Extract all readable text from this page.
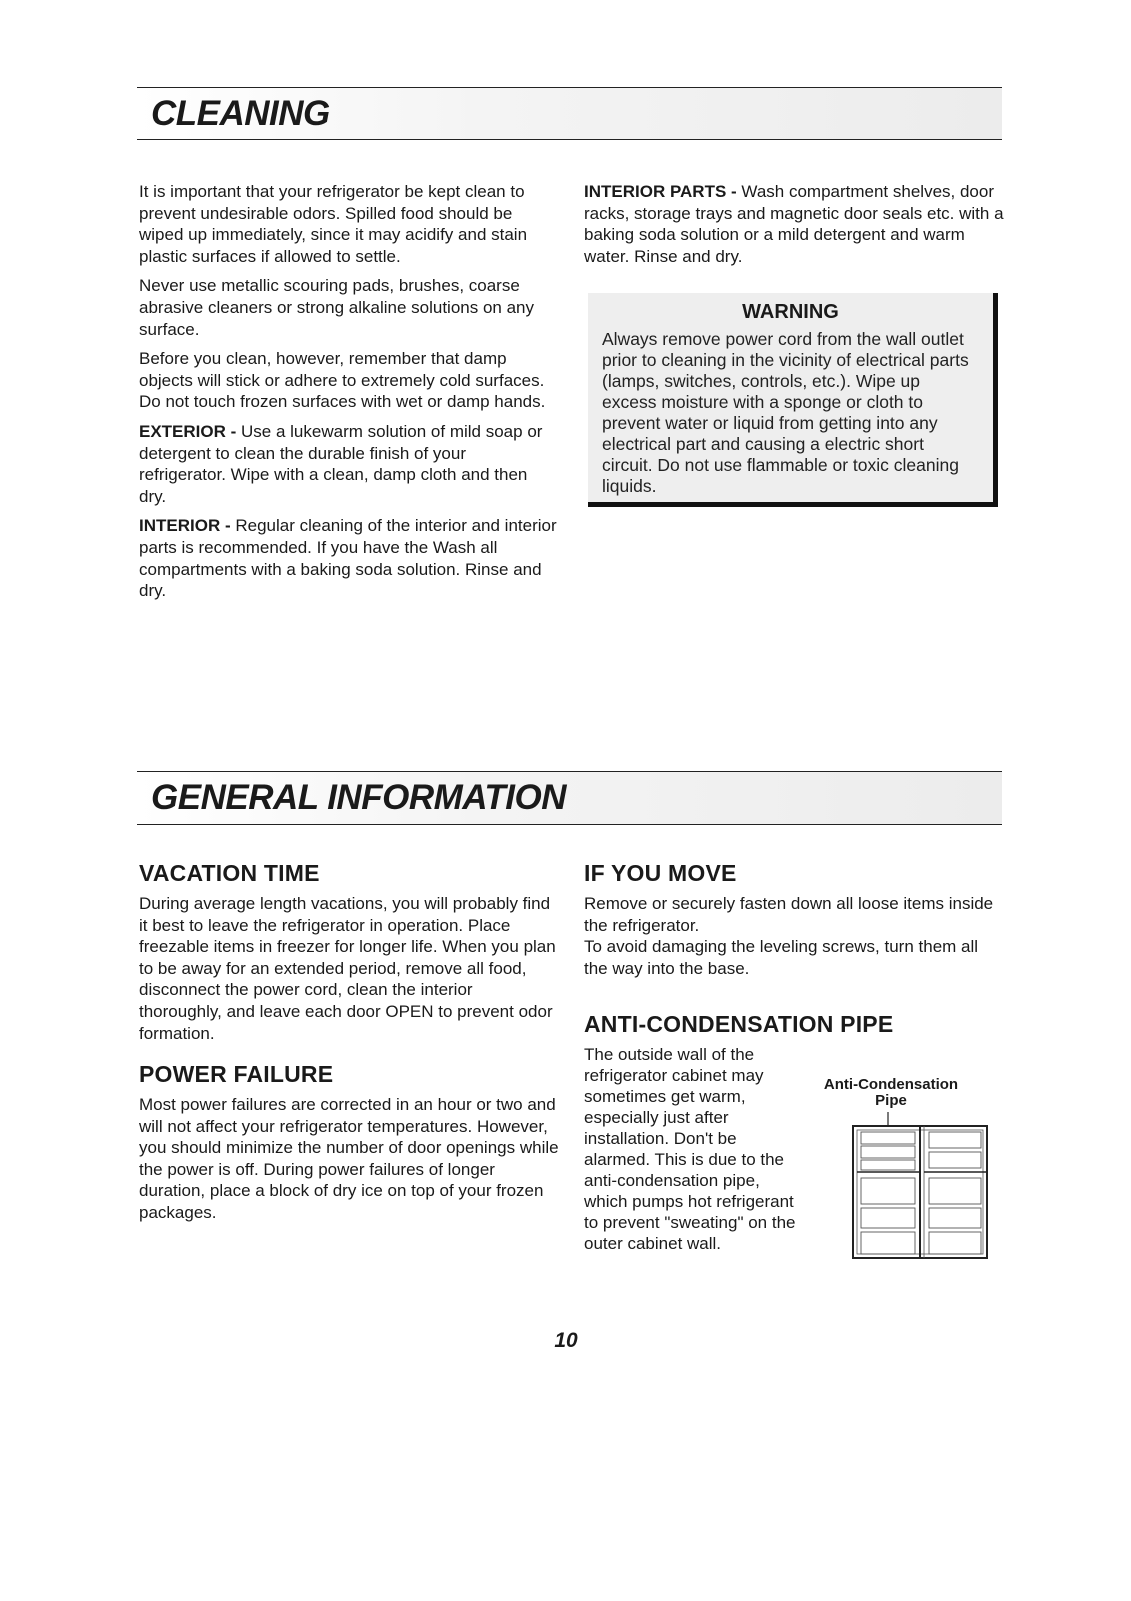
CLEANING

It is important that your refrigerator be kept clean to prevent undesirable odors. Spilled food should be wiped up immediately, since it may acidify and stain plastic surfaces if allowed to settle.

Never use metallic scouring pads, brushes, coarse abrasive cleaners or strong alkaline solutions on any surface.

Before you clean, however, remember that damp objects will stick or adhere to extremely cold surfaces. Do not touch frozen surfaces with wet or damp hands.

EXTERIOR - Use a lukewarm solution of mild soap or detergent to clean the durable finish of your refrigerator. Wipe with a clean, damp cloth and then dry.

INTERIOR - Regular cleaning of the interior and interior parts is recommended. If you have the Wash all compartments with a baking soda solution. Rinse and dry.

INTERIOR PARTS - Wash compartment shelves, door racks, storage trays and magnetic door seals etc. with a baking soda solution or a mild detergent and warm water. Rinse and dry.

WARNING

Always remove power cord from the wall outlet prior to cleaning in the vicinity of electrical parts (lamps, switches, controls, etc.). Wipe up excess moisture with a sponge or cloth to prevent water or liquid from getting into any electrical part and causing a electric short circuit. Do not use flammable or toxic cleaning liquids.

GENERAL INFORMATION
VACATION TIME

During average length vacations, you will probably find it best to leave the refrigerator in operation. Place freezable items in freezer for longer life. When you plan to be away for an extended period, remove all food, disconnect the power cord, clean the interior thoroughly, and leave each door OPEN to prevent odor formation.

POWER FAILURE

Most power failures are corrected in an hour or two and will not affect your refrigerator temperatures. However, you should minimize the number of door openings while the power is off. During power failures of longer duration, place a block of dry ice on top of your frozen packages.

IF YOU MOVE

Remove or securely fasten down all loose items inside the refrigerator.

To avoid damaging the leveling screws, turn them all the way into the base.

ANTI-CONDENSATION PIPE

The outside wall of the refrigerator cabinet may sometimes get warm, especially just after installation. Don't be alarmed. This is due to the anti-condensation pipe, which pumps hot refrigerant to prevent "sweating" on the outer cabinet wall.

Anti-Condensation
Pipe
10
